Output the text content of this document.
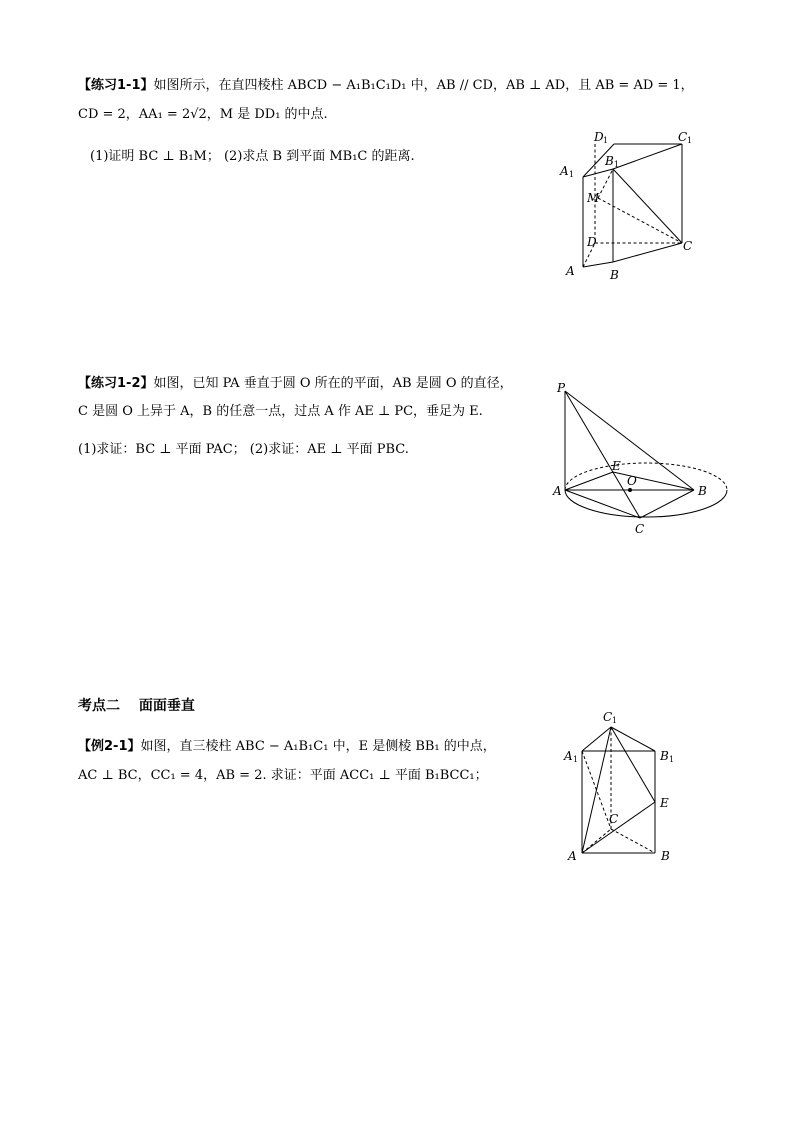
【练习1-1】如图所示，在直四棱柱 ABCD − A₁B₁C₁D₁ 中，AB // CD，AB ⊥ AD，且 AB = AD = 1，
CD = 2，AA₁ = 2√2，M 是 DD₁ 的中点.
(1)证明 BC ⊥ B₁M； (2)求点 B 到平面 MB₁C 的距离.
D 1	C 1
B 1
A 1
M
D	C
A	B
【练习1-2】如图，已知 PA 垂直于圆 O 所在的平面，AB 是圆 O 的直径，
C 是圆 O 上异于 A，B 的任意一点，过点 A 作 AE ⊥ PC，垂足为 E.
(1)求证：BC ⊥ 平面 PAC； (2)求证：AE ⊥ 平面 PBC.
P
E
A
O
B
C
考点二　 面面垂直
【例2-1】如图，直三棱柱 ABC − A₁B₁C₁ 中，E 是侧棱 BB₁ 的中点，
AC ⊥ BC，CC₁ = 4，AB = 2. 求证：平面 ACC₁ ⊥ 平面 B₁BCC₁；
C 1
A 1	B 1
E
C
A	B
